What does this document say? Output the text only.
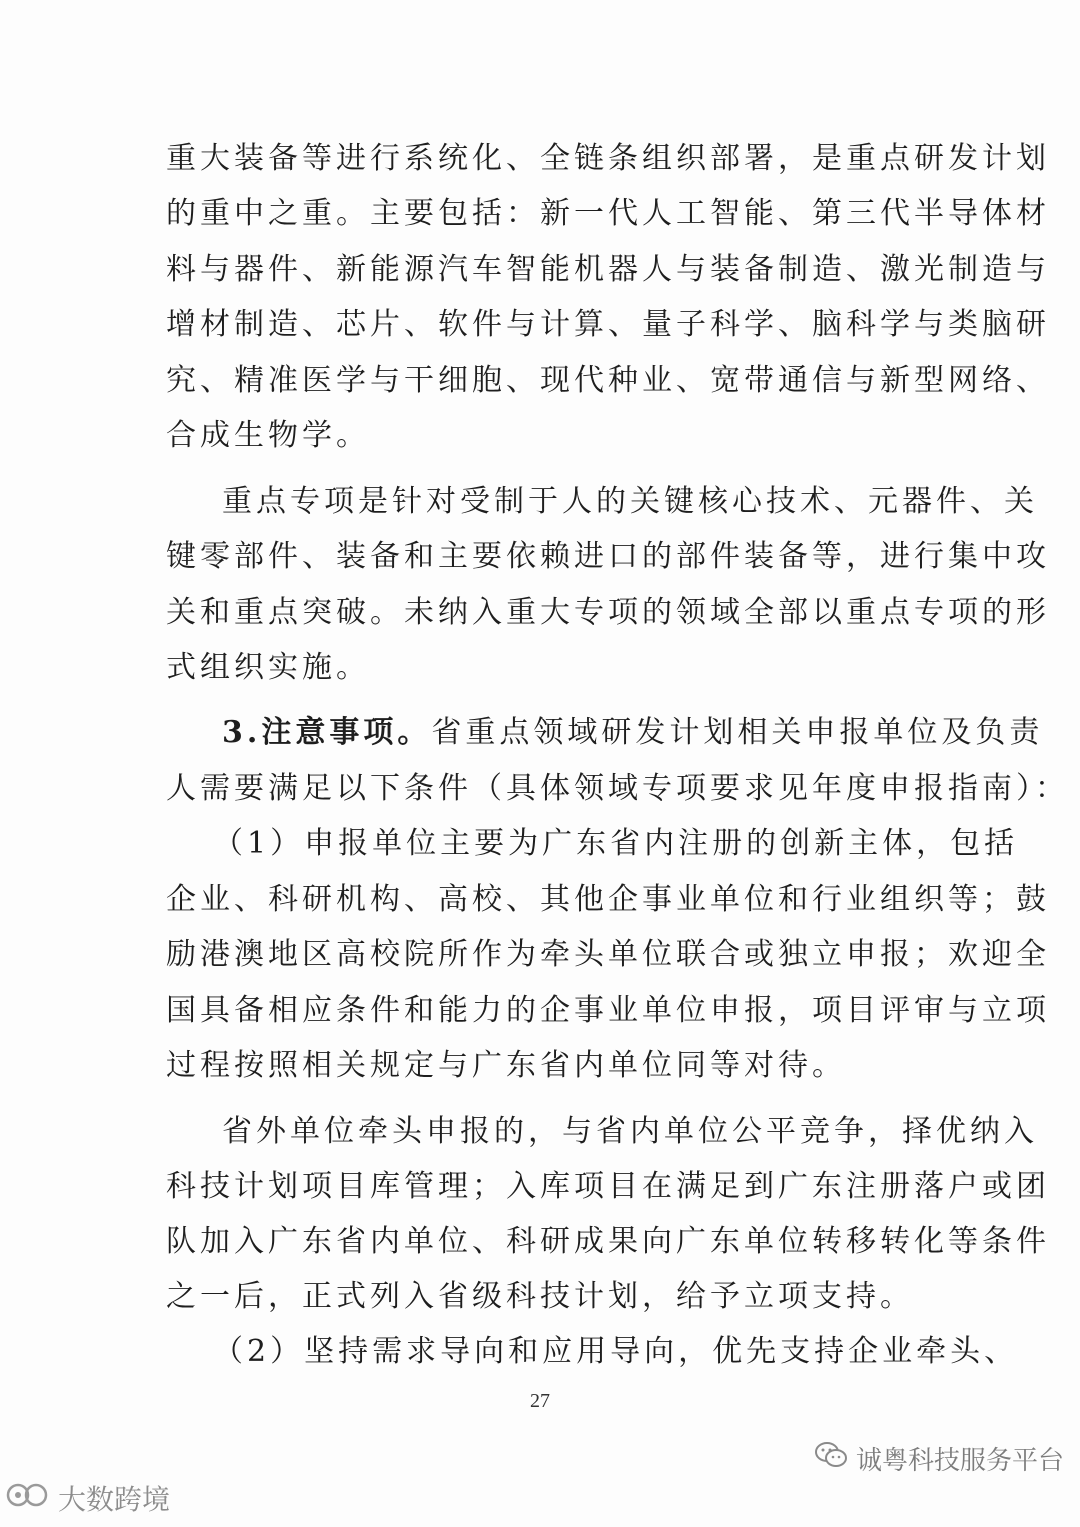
重大装备等进行系统化、全链条组织部署，是重点研发计划
的重中之重。主要包括：新一代人工智能、第三代半导体材
料与器件、新能源汽车智能机器人与装备制造、激光制造与
增材制造、芯片、软件与计算、量子科学、脑科学与类脑研
究、精准医学与干细胞、现代种业、宽带通信与新型网络、
合成生物学。
重点专项是针对受制于人的关键核心技术、元器件、关
键零部件、装备和主要依赖进口的部件装备等，进行集中攻
关和重点突破。未纳入重大专项的领域全部以重点专项的形
式组织实施。
3.注意事项。省重点领域研发计划相关申报单位及负责
人需要满足以下条件（具体领域专项要求见年度申报指南）：
（1）申报单位主要为广东省内注册的创新主体，包括
企业、科研机构、高校、其他企事业单位和行业组织等；鼓
励港澳地区高校院所作为牵头单位联合或独立申报；欢迎全
国具备相应条件和能力的企事业单位申报，项目评审与立项
过程按照相关规定与广东省内单位同等对待。
省外单位牵头申报的，与省内单位公平竞争，择优纳入
科技计划项目库管理；入库项目在满足到广东注册落户或团
队加入广东省内单位、科研成果向广东单位转移转化等条件
之一后，正式列入省级科技计划，给予立项支持。
（2）坚持需求导向和应用导向，优先支持企业牵头、
27
诚粤科技服务平台
大数跨境
